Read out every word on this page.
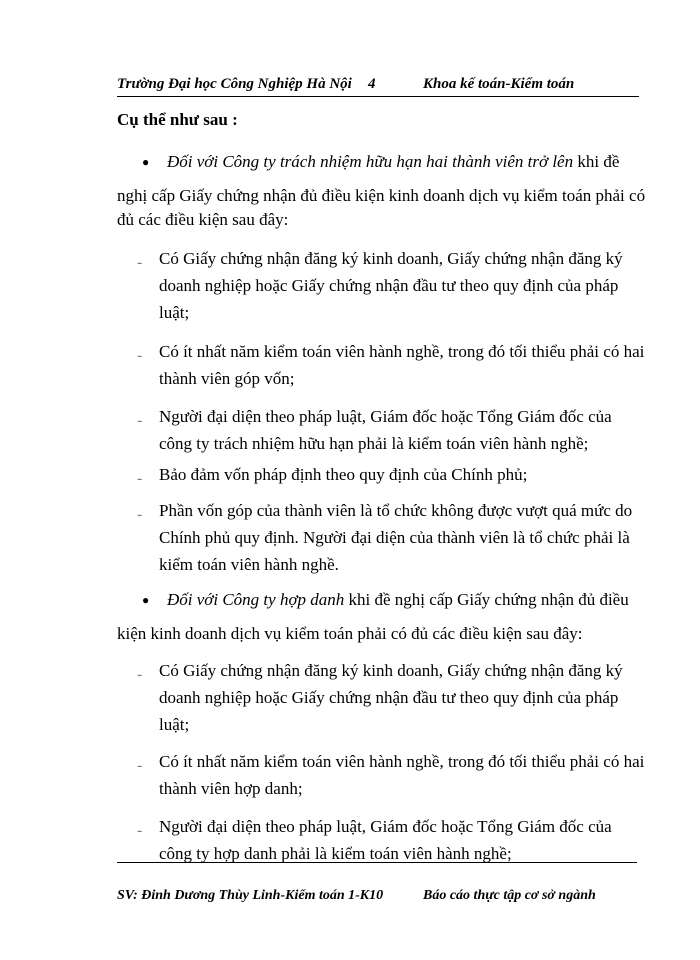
Trường Đại học Công Nghiệp Hà Nội 4	Khoa kế toán-Kiểm toán
Cụ thể như sau :
● Đối với Công ty trách nhiệm hữu hạn hai thành viên trở lên khi đề
nghị cấp Giấy chứng nhận đủ điều kiện kinh doanh dịch vụ kiểm toán phải có
đủ các điều kiện sau đây:
- Có Giấy chứng nhận đăng ký kinh doanh, Giấy chứng nhận đăng ký
doanh nghiệp hoặc Giấy chứng nhận đầu tư theo quy định của pháp
luật;
- Có ít nhất năm kiểm toán viên hành nghề, trong đó tối thiểu phải có hai
thành viên góp vốn;
- Người đại diện theo pháp luật, Giám đốc hoặc Tổng Giám đốc của
công ty trách nhiệm hữu hạn phải là kiểm toán viên hành nghề;
- Bảo đảm vốn pháp định theo quy định của Chính phủ;
- Phần vốn góp của thành viên là tổ chức không được vượt quá mức do
Chính phủ quy định. Người đại diện của thành viên là tổ chức phải là
kiểm toán viên hành nghề.
● Đối với Công ty hợp danh khi đề nghị cấp Giấy chứng nhận đủ điều
kiện kinh doanh dịch vụ kiểm toán phải có đủ các điều kiện sau đây:
- Có Giấy chứng nhận đăng ký kinh doanh, Giấy chứng nhận đăng ký
doanh nghiệp hoặc Giấy chứng nhận đầu tư theo quy định của pháp
luật;
- Có ít nhất năm kiểm toán viên hành nghề, trong đó tối thiểu phải có hai
thành viên hợp danh;
- Người đại diện theo pháp luật, Giám đốc hoặc Tổng Giám đốc của
công ty hợp danh phải là kiểm toán viên hành nghề;
SV: Đinh Dương Thùy Linh-Kiểm toán 1-K10	Báo cáo thực tập cơ sở ngành
